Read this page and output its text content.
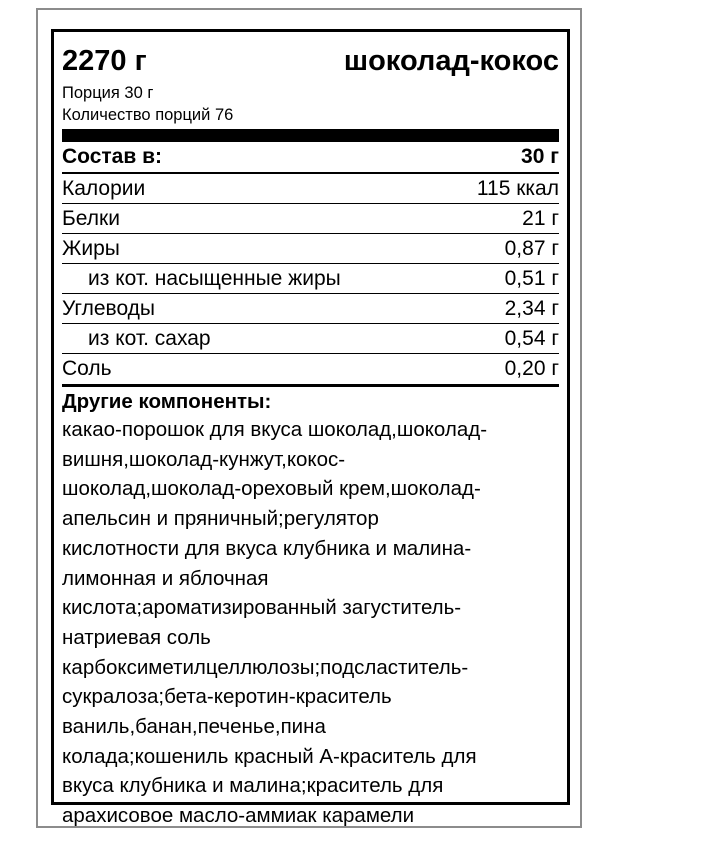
2270 г	шоколад-кокос
Порция 30 г
Количество порций 76
Состав в:	30 г
Калории	115 ккал
Белки	21 г
Жиры	0,87 г
из кот. насыщенные жиры	0,51 г
Углеводы	2,34 г
из кот. сахар	0,54 г
Соль	0,20 г
Другие компоненты:
какао-порошок для вкуса шоколад,шоколад-
вишня,шоколад-кунжут,кокос-
шоколад,шоколад-ореховый крем,шоколад-
апельсин и пряничный;регулятор
кислотности для вкуса клубника и малина-
лимонная и яблочная
кислота;ароматизированный загуститель-
натриевая соль
карбоксиметилцеллюлозы;подсластитель-
сукралоза;бета-керотин-краситель
ваниль,банан,печенье,пина
колада;кошениль красный А-краситель для
вкуса клубника и малина;краситель для
арахисовое масло-аммиак карамели
